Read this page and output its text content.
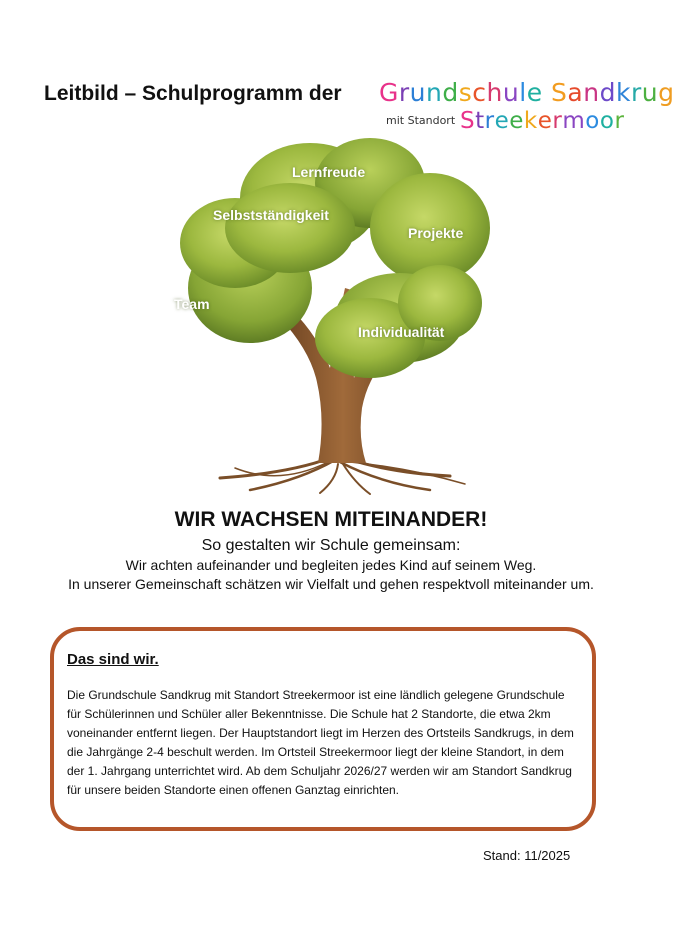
Leitbild – Schulprogramm der Grundschule Sandkrug
mit Standort Streekermoor
Lernfreude
Selbstständigkeit
Projekte
Team
Individualität
WIR WACHSEN MITEINANDER!
So gestalten wir Schule gemeinsam:
Wir achten aufeinander und begleiten jedes Kind auf seinem Weg.
In unserer Gemeinschaft schätzen wir Vielfalt und gehen respektvoll miteinander um.
Das sind wir.
Die Grundschule Sandkrug mit Standort Streekermoor ist eine ländlich gelegene Grundschule für Schülerinnen und Schüler aller Bekenntnisse. Die Schule hat 2 Standorte, die etwa 2km voneinander entfernt liegen. Der Hauptstandort liegt im Herzen des Ortsteils Sandkrugs, in dem die Jahrgänge 2-4 beschult werden. Im Ortsteil Streekermoor liegt der kleine Standort, in dem der 1. Jahrgang unterrichtet wird. Ab dem Schuljahr 2026/27 werden wir am Standort Sandkrug für unsere beiden Standorte einen offenen Ganztag einrichten.
Stand: 11/2025
